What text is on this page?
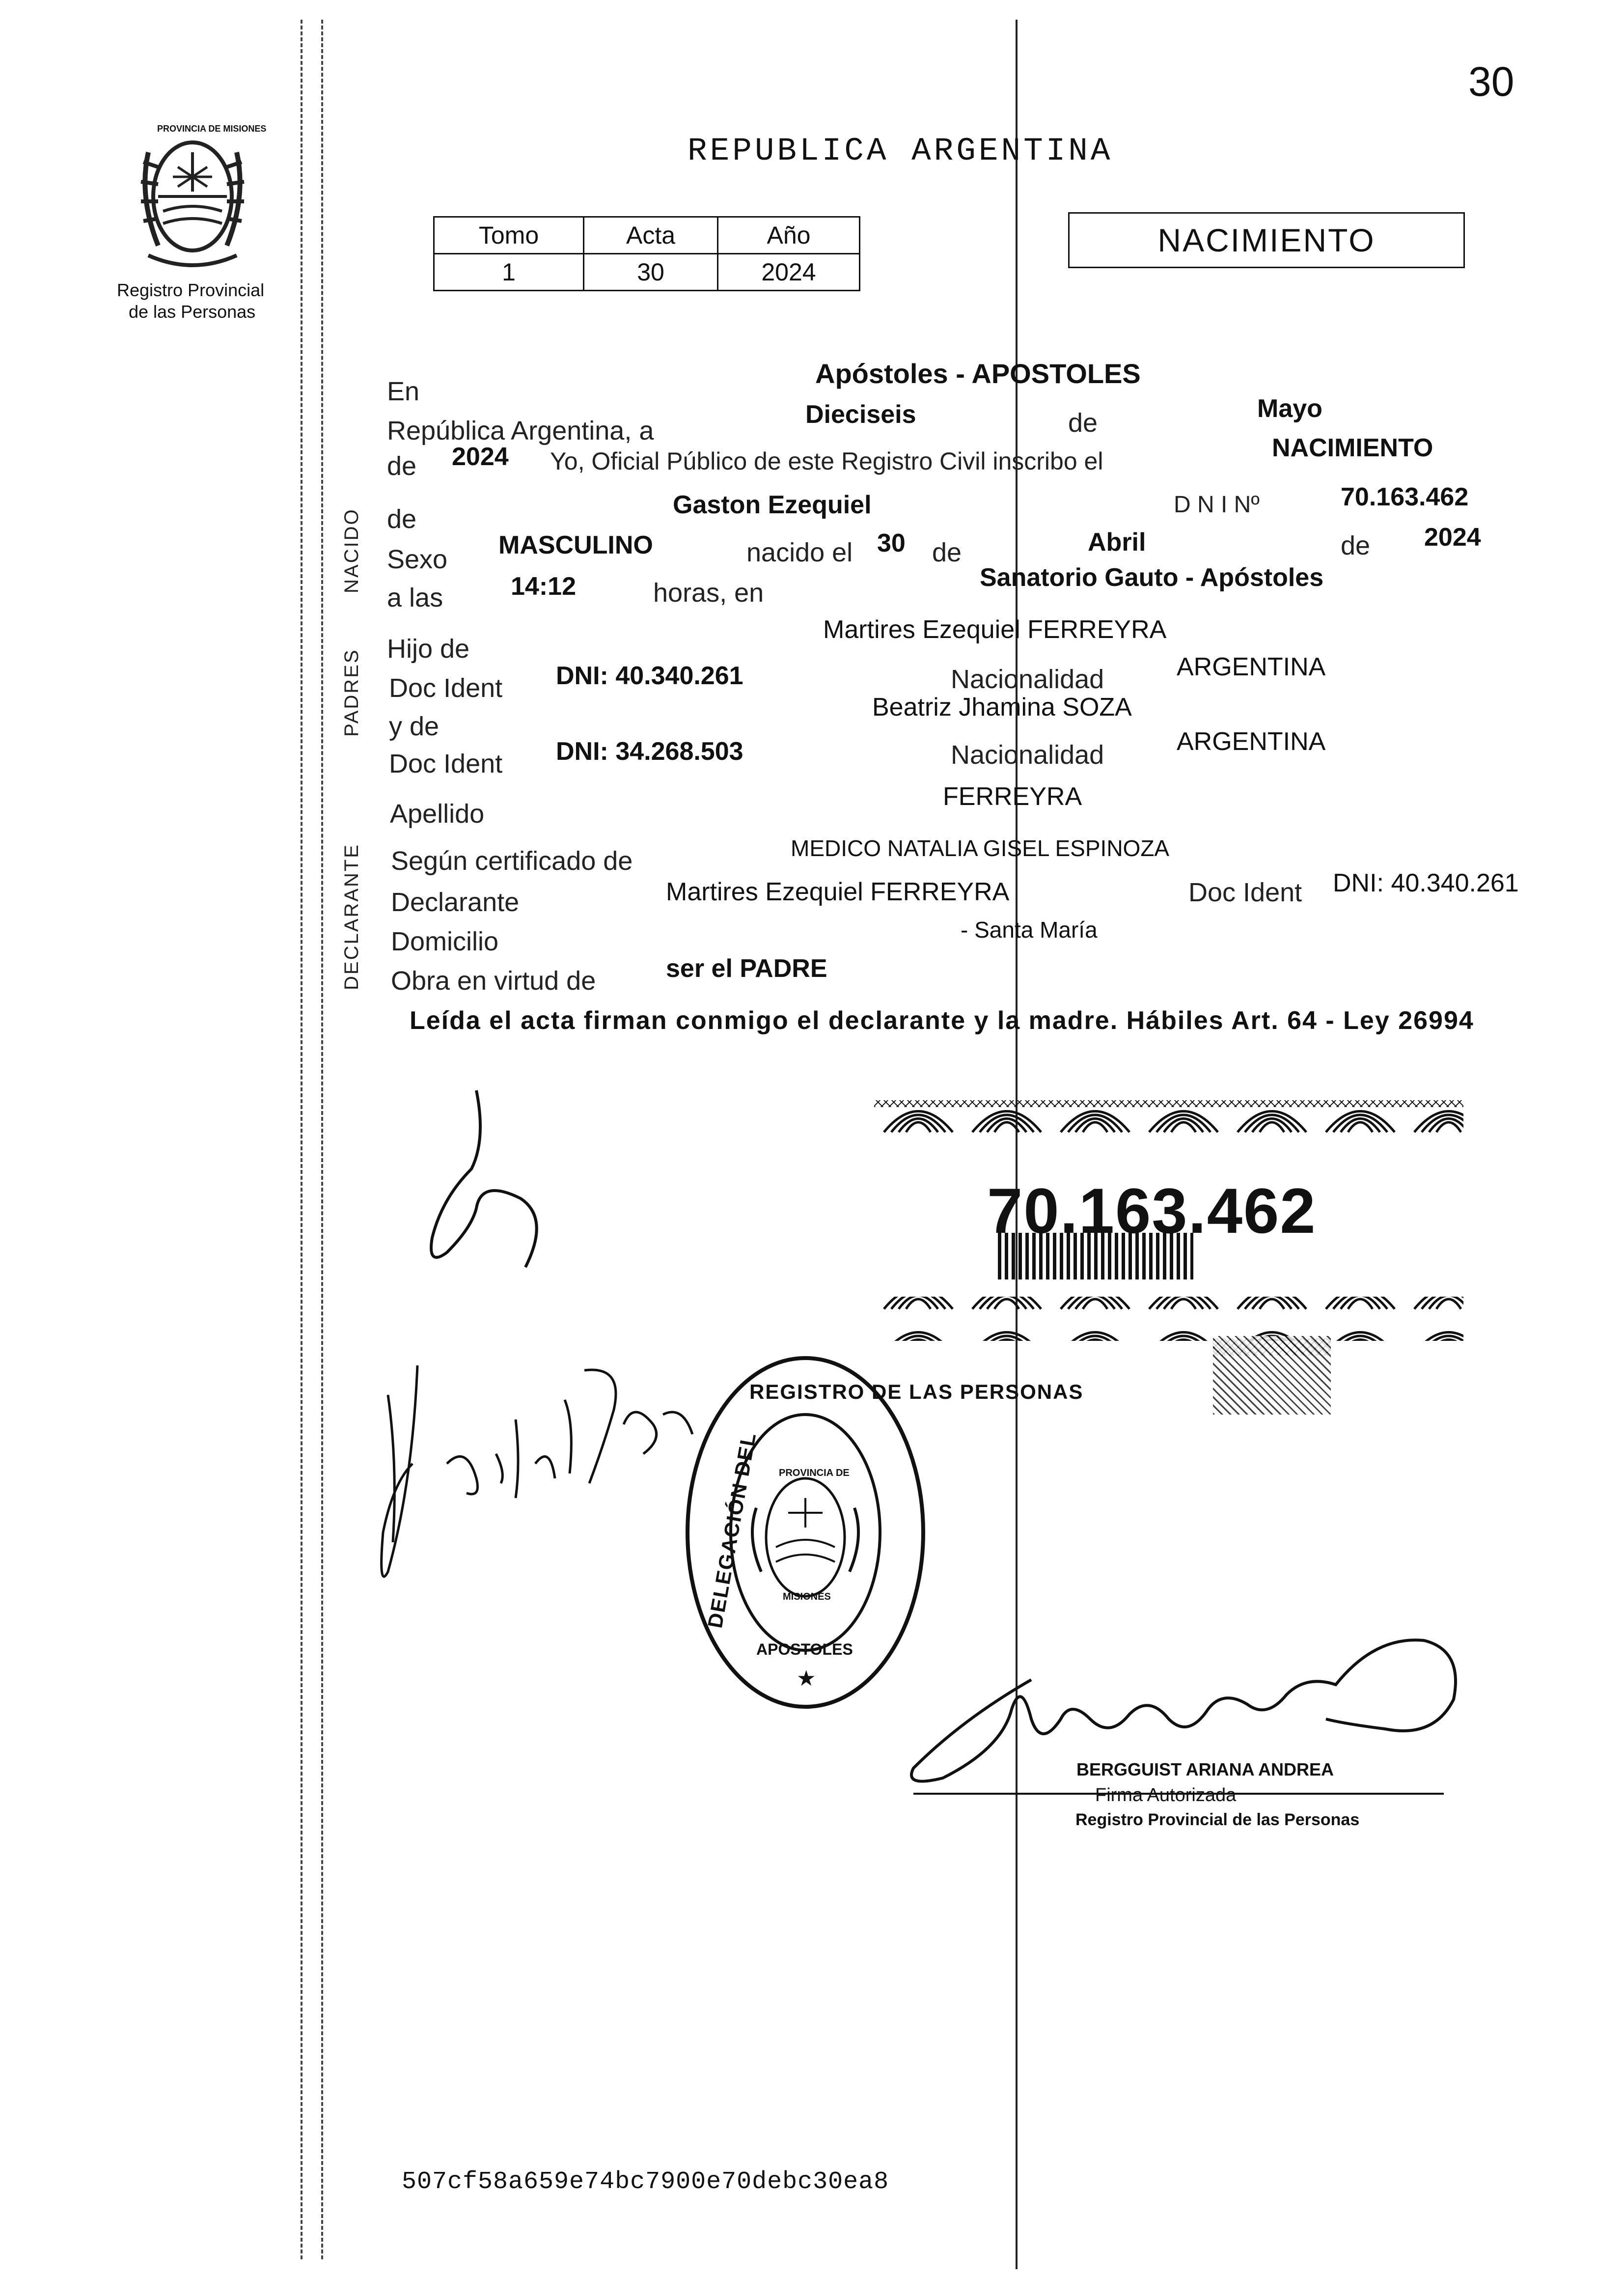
30
PROVINCIA DE MISIONES
Registro Provincial
de las Personas
REPUBLICA ARGENTINA
Tomo	Acta	Año
1	30	2024
NACIMIENTO
NACIDO
PADRES
DECLARANTE
En
Apóstoles - APOSTOLES
República Argentina, a
Dieciseis	de	Mayo
de 2024 Yo, Oficial Público de este Registro Civil inscribo el	NACIMIENTO
de	Gaston Ezequiel	D N I Nº	70.163.462
Sexo MASCULINO	nacido el 30 de	Abril	de 2024
a las	14:12	horas, en
Sanatorio Gauto - Apóstoles
Hijo de
Martires Ezequiel FERREYRA
Doc Ident DNI: 40.340.261	Nacionalidad	ARGENTINA
y de
Beatriz Jhamina SOZA
Doc Ident DNI: 34.268.503	Nacionalidad	ARGENTINA
Apellido
FERREYRA
Según certificado de	MEDICO NATALIA GISEL ESPINOZA
Declarante	Martires Ezequiel FERREYRA	Doc Ident DNI: 40.340.261
Domicilio	- Santa María
Obra en virtud de	ser el PADRE
Leída el acta firman conmigo el declarante y la madre. Hábiles Art. 64 - Ley 26994
REGISTRO DE LAS PERSONAS
DELEGACIÓN DEL PROVINCIA DE
MISIONES
APOSTOLES
★
BERGGUIST ARIANA ANDREA
Firma Autorizada
Registro Provincial de las Personas
70.163.462
507cf58a659e74bc7900e70debc30ea8
